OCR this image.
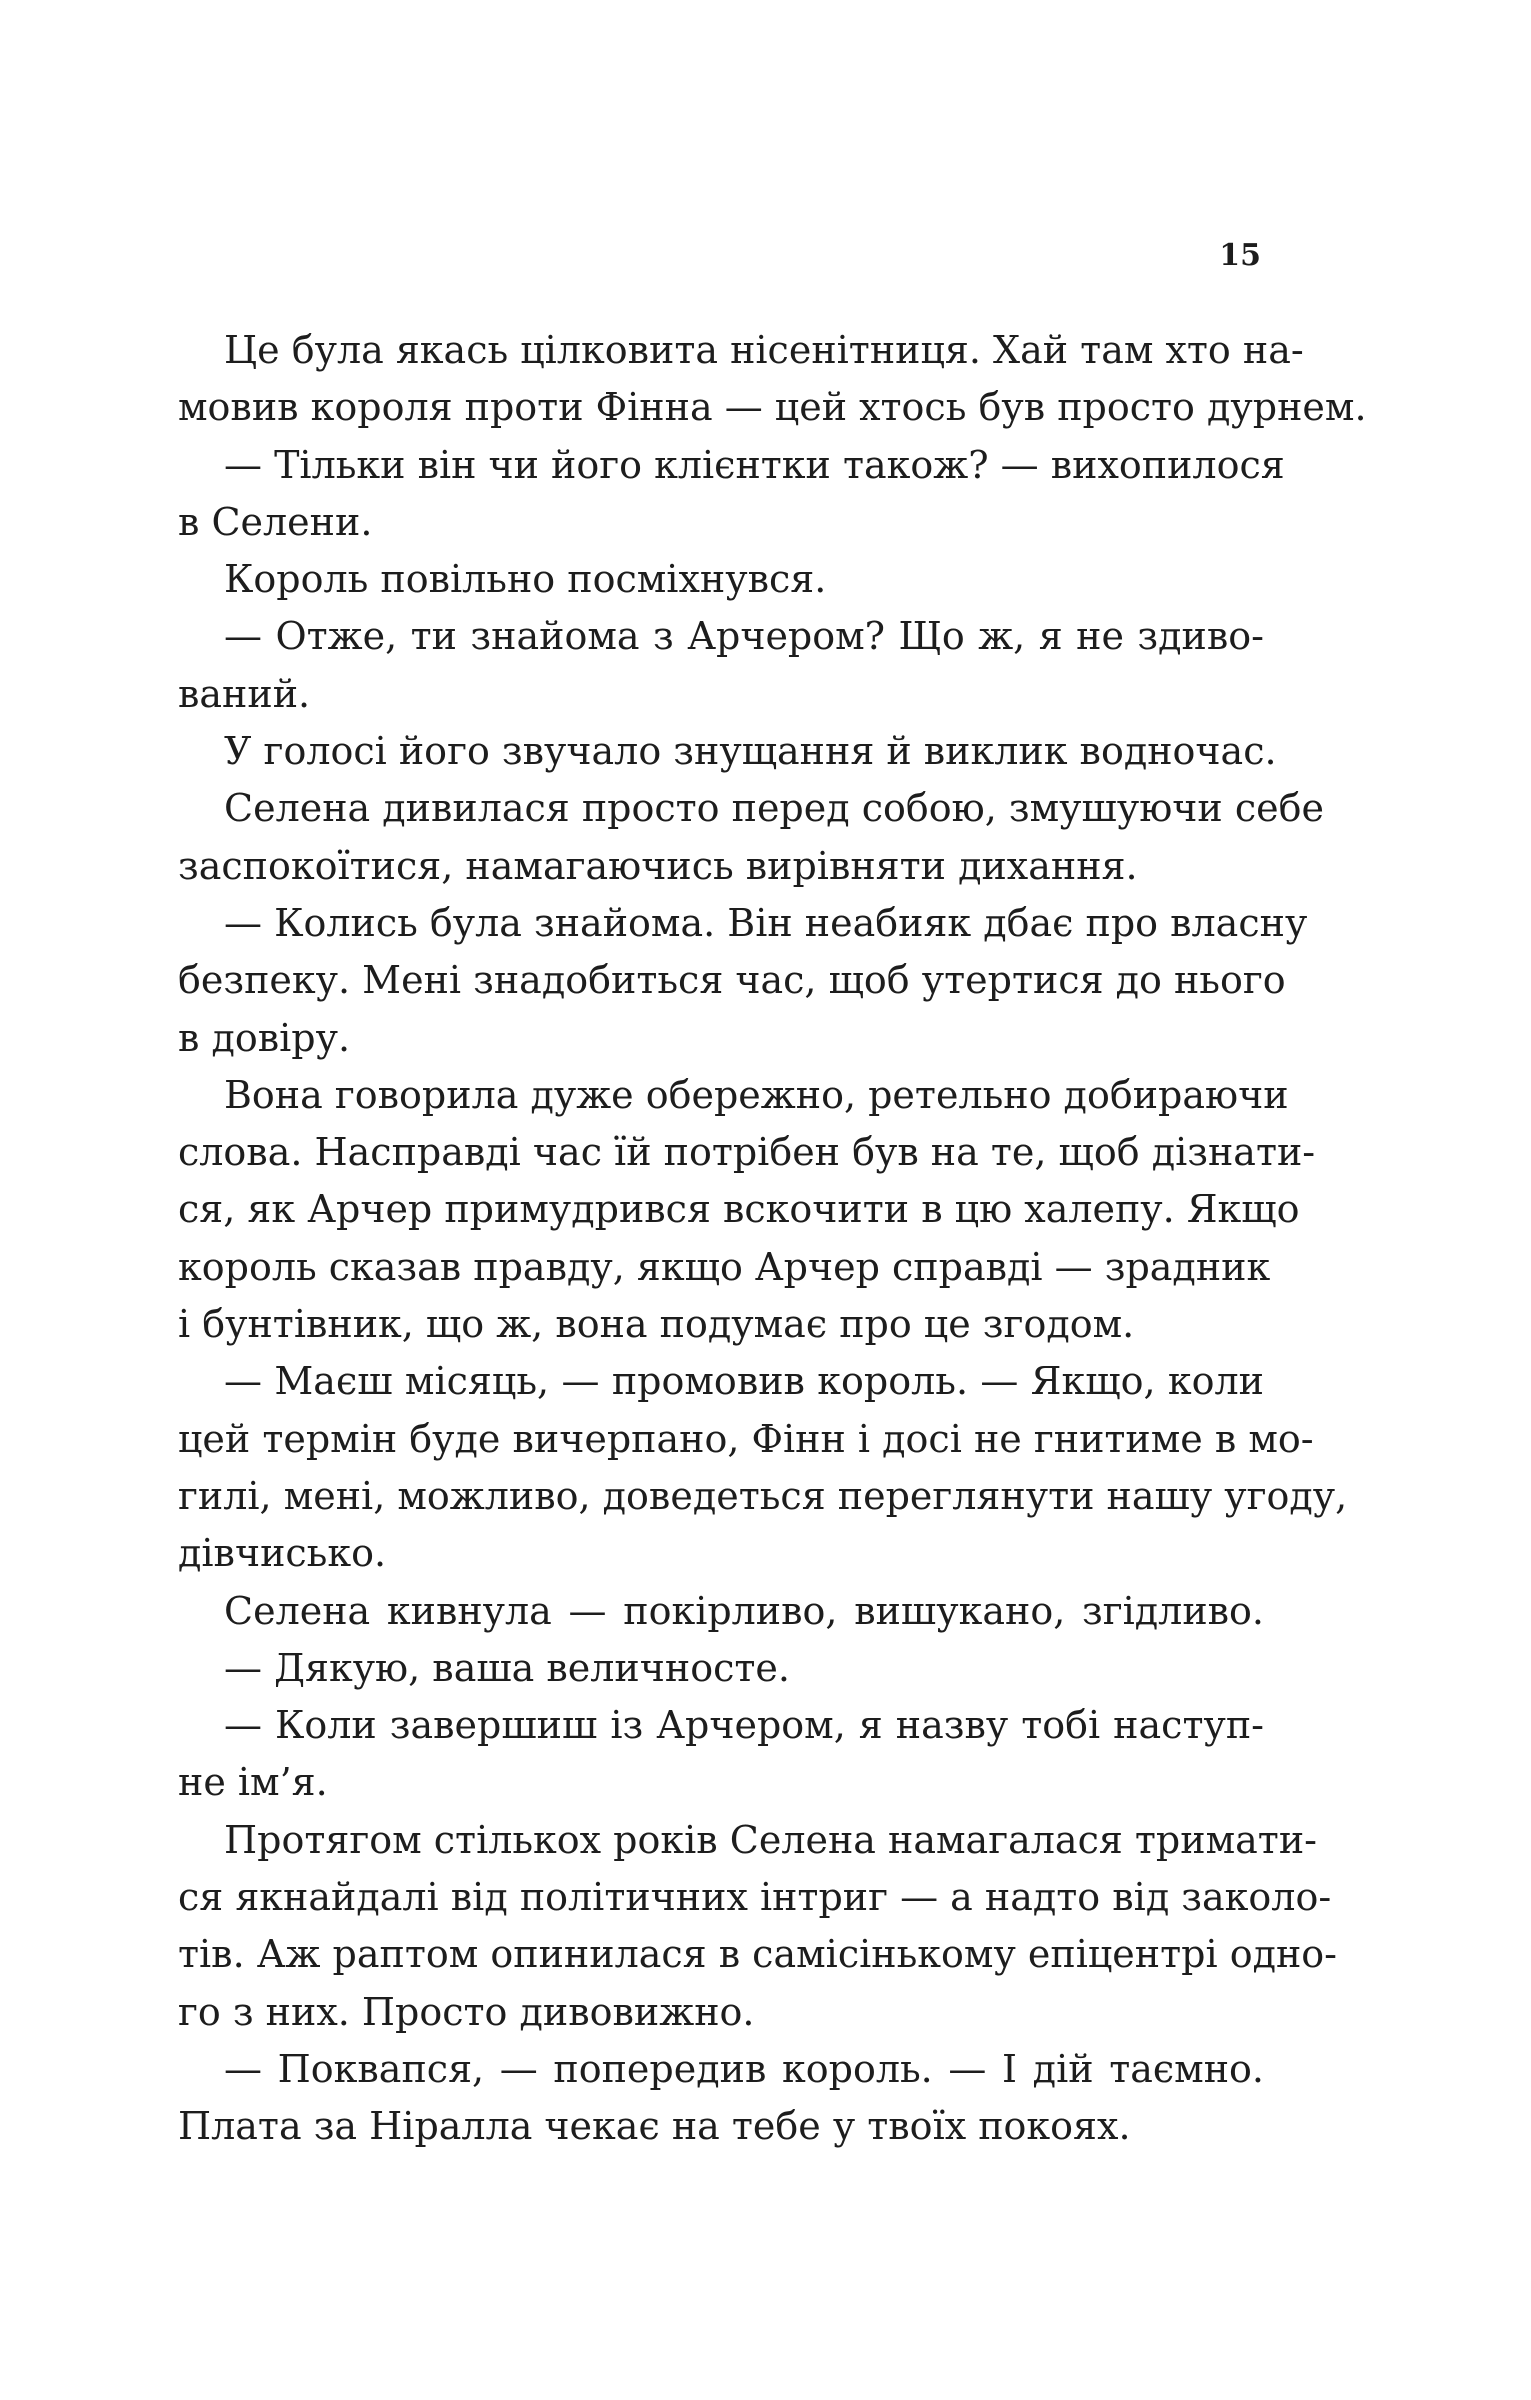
15
Це була якась цілковита нісенітниця. Хай там хто на-
мовив короля проти Фінна — цей хтось був просто дурнем.
— Тільки він чи його клієнтки також? — вихопилося
в Селени.
Король повільно посміхнувся.
— Отже, ти знайома з Арчером? Що ж, я не здиво-
ваний.
У голосі його звучало знущання й виклик водночас.
Селена дивилася просто перед собою, змушуючи себе
заспокоїтися, намагаючись вирівняти дихання.
— Колись була знайома. Він неабияк дбає про власну
безпеку. Мені знадобиться час, щоб утертися до нього
в довіру.
Вона говорила дуже обережно, ретельно добираючи
слова. Насправді час їй потрібен був на те, щоб дізнати-
ся, як Арчер примудрився вскочити в цю халепу. Якщо
король сказав правду, якщо Арчер справді — зрадник
і бунтівник, що ж, вона подумає про це згодом.
— Маєш місяць, — промовив король. — Якщо, коли
цей термін буде вичерпано, Фінн і досі не гнитиме в мо-
гилі, мені, можливо, доведеться переглянути нашу угоду,
дівчисько.
Селена кивнула — покірливо, вишукано, згідливо.
— Дякую, ваша величносте.
— Коли завершиш із Арчером, я назву тобі наступ-
не ім’я.
Протягом стількох років Селена намагалася тримати-
ся якнайдалі від політичних інтриг — а надто від заколо-
тів. Аж раптом опинилася в самісінькому епіцентрі одно-
го з них. Просто дивовижно.
— Поквапся, — попередив король. — І дій таємно.
Плата за Ніралла чекає на тебе у твоїх покоях.
